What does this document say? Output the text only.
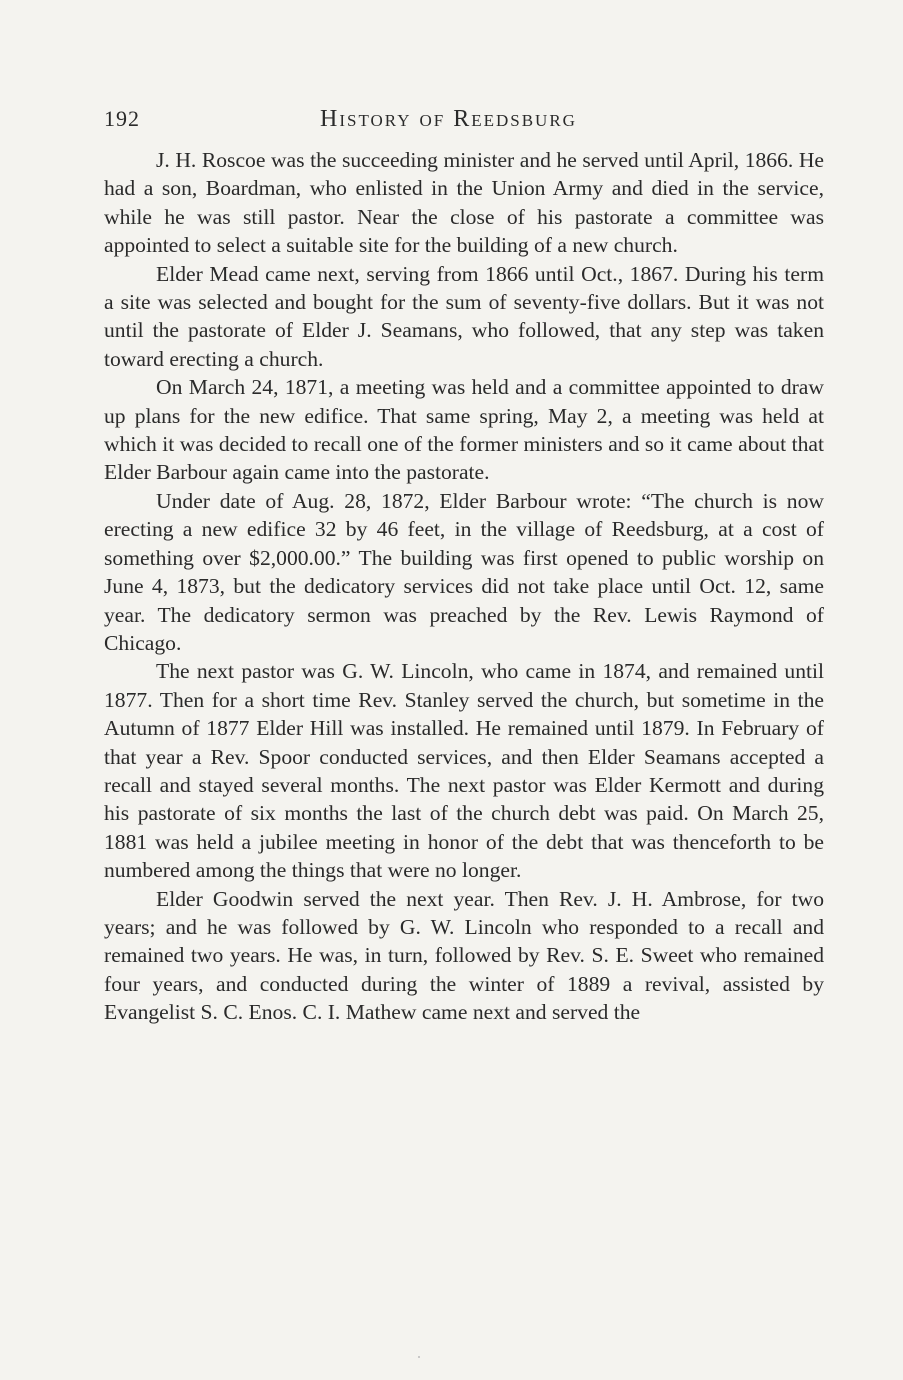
192	History of Reedsburg

J. H. Roscoe was the succeeding minister and he served until April, 1866. He had a son, Boardman, who enlisted in the Union Army and died in the service, while he was still pastor. Near the close of his pastorate a committee was appointed to select a suitable site for the building of a new church.

Elder Mead came next, serving from 1866 until Oct., 1867. During his term a site was selected and bought for the sum of seventy-five dollars. But it was not until the pastorate of Elder J. Seamans, who followed, that any step was taken toward erecting a church.

On March 24, 1871, a meeting was held and a committee appointed to draw up plans for the new edifice. That same spring, May 2, a meeting was held at which it was decided to recall one of the former ministers and so it came about that Elder Barbour again came into the pastorate.

Under date of Aug. 28, 1872, Elder Barbour wrote: “The church is now erecting a new edifice 32 by 46 feet, in the village of Reedsburg, at a cost of something over $2,000.00.” The building was first opened to public worship on June 4, 1873, but the dedicatory services did not take place until Oct. 12, same year. The dedicatory sermon was preached by the Rev. Lewis Raymond of Chicago.

The next pastor was G. W. Lincoln, who came in 1874, and remained until 1877. Then for a short time Rev. Stanley served the church, but sometime in the Autumn of 1877 Elder Hill was installed. He remained until 1879. In February of that year a Rev. Spoor conducted services, and then Elder Seamans accepted a recall and stayed several months. The next pastor was Elder Kermott and during his pastorate of six months the last of the church debt was paid. On March 25, 1881 was held a jubilee meeting in honor of the debt that was thenceforth to be numbered among the things that were no longer.

Elder Goodwin served the next year. Then Rev. J. H. Ambrose, for two years; and he was followed by G. W. Lincoln who responded to a recall and remained two years. He was, in turn, followed by Rev. S. E. Sweet who remained four years, and conducted during the winter of 1889 a revival, assisted by Evangelist S. C. Enos. C. I. Mathew came next and served the
